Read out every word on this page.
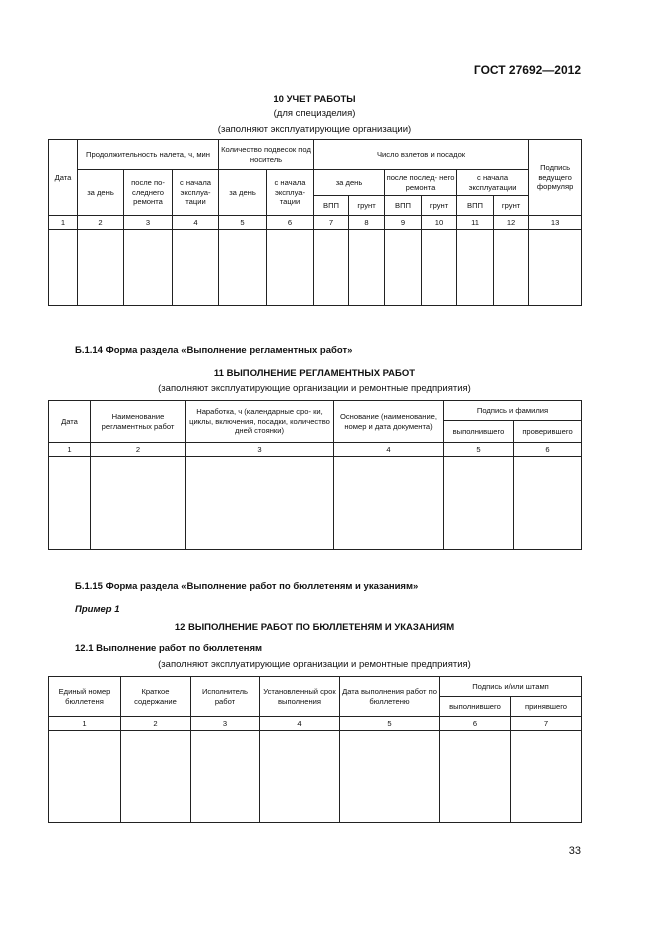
ГОСТ 27692—2012
10 УЧЕТ РАБОТЫ
(для специзделия)
(заполняют эксплуатирующие организации)
Дата	Продолжительность налета, ч, мин			Количество подвесок под носитель		Число взлетов и посадок						Подпись ведущего формуляр
	за день	после по- следнего ремонта	с начала эксплуа- тации	за день	с начала эксплуа- тации	за день		после послед- него ремонта		с начала эксплуатации		
						ВПП	грунт	ВПП	грунт	ВПП	грунт	
1	2	3	4	5	6	7	8	9	10	11	12	13

Б.1.14 Форма раздела «Выполнение регламентных работ»
11 ВЫПОЛНЕНИЕ РЕГЛАМЕНТНЫХ РАБОТ
(заполняют эксплуатирующие организации и ремонтные предприятия)
Дата	Наименование регламентных работ	Наработка, ч (календарные сро- ки, циклы, включения, посадки, количество дней стоянки)	Основание (наименование, номер и дата документа)	Подпись и фамилия	
				выполнившего	проверившего
1	2	3	4	5	6

Б.1.15 Форма раздела «Выполнение работ по бюллетеням и указаниям»
Пример 1
12 ВЫПОЛНЕНИЕ РАБОТ ПО БЮЛЛЕТЕНЯМ И УКАЗАНИЯМ
12.1 Выполнение работ по бюллетеням
(заполняют эксплуатирующие организации и ремонтные предприятия)
Единый номер бюллетеня	Краткое содержание	Исполнитель работ	Установленный срок выполнения	Дата выполнения работ по бюллетеню	Подпись и/или штамп	
					выполнившего	принявшего
1	2	3	4	5	6	7

33
